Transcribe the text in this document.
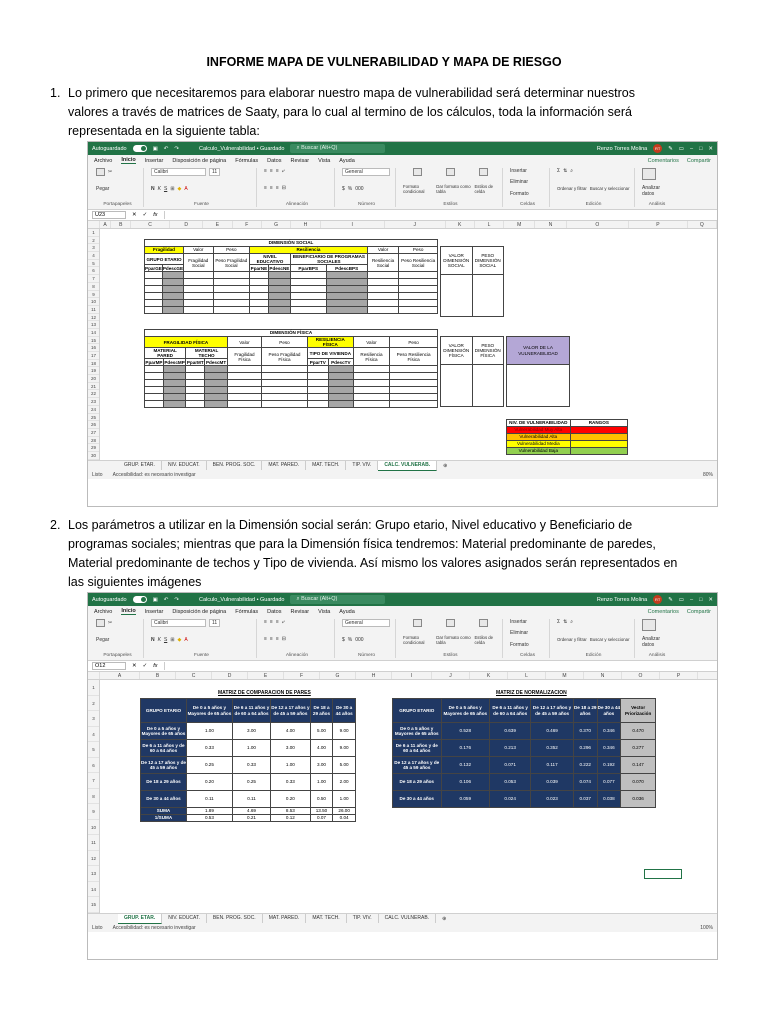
INFORME MAPA DE VULNERABILIDAD Y MAPA DE RIESGO
1. Lo primero que necesitaremos para elaborar nuestro mapa de vulnerabilidad será determinar nuestros
valores a través de matrices de Saaty, para lo cual al termino de los cálculos, toda la información será
representada en la siguiente tabla:
Autoguardado	▣ ↶ ↷	Calculo_Vulnerabilidad • Guardado	⌕ Buscar (Alt+Q)	Renzo Torres Molina	RT	✎ ▭ – □ ✕
Archivo Inicio Insertar Disposición de página Fórmulas Datos Revisar Vista Ayuda	Comentarios Compartir
✂
Pegar
Portapapeles
Calibri	11
N K S ⊞ ◆ A
Fuente
≡ ≡ ≡ ⤶
≡ ≡ ≡ ⊟
Alineación
General
$ % 000
Número
Formato condicional
Dar formato como tabla
Estilos de celda
Estilos
Insertar
Eliminar
Formato
Celdas
Σ ⇅ ⌕
Ordenar y filtrar Buscar y seleccionar
Edición
Analizar datos
Análisis
U23	✕ ✓ fx
A	B	C	D	E	F	G	H	I	J	K	L	M	N	O	P	Q
1
2
3
4
5
6
7
8
9
10
11
12
13
14
15
16
17
18
19
20
21
22
23
24
25
26
27
28
29
30
DIMENSIÓN SOCIAL									
Fragilidad		Valor	Peso	Resiliencia				Valor	Peso
GRUPO ETARIO		Fragilidad Social	Peso Fragilidad Social	NIVEL EDUCATIVO		BENEFICIARIO DE PROGRAMAS SOCIALES		Resiliencia Social	Peso Resiliencia Social
PparGE	PdescGE			PparNE	PdescNE	PparBPS	PdescBPS		

VALOR DIMENSIÓN SOCIAL	PESO DIMENSIÓN SOCIAL

DIMENSIÓN FÍSICA									
FRAGILIDAD FÍSICA				Valor	Peso	RESILIENCIA FÍSICA		Valor	Peso
MATERIAL PARED		MATERIAL TECHO		Fragilidad Física	Peso Fragilidad Física	TIPO DE VIVIENDA		Resiliencia Física	Peso Resiliencia Física
PparMP	PdescMP	PparMT	PdescMT			PparTV	PdescTV		

VALOR DIMENSIÓN FÍSICA	PESO DIMENSIÓN FÍSICA

VALOR DE LA VULNERABILIDAD

NIV. DE VULNERABILIDAD	RANGOS
Vulnerabilidad Muy Alta	
Vulnerabilidad Alta	
Vulnerabilidad Media	
Vulnerabilidad Baja	
GRUP. ETAR.	NIV. EDUCAT.	BEN. PROG. SOC.	MAT. PARED.	MAT. TECH.	TIP. VIV.	CALC. VULNERAB.	⊕
Listo Accesibilidad: es necesario investigar	80%
2. Los parámetros a utilizar en la Dimensión social serán: Grupo etario, Nivel educativo y Beneficiario de
programas sociales; mientras que para la Dimensión física tendremos: Material predominante de paredes,
Material predominante de techos y Tipo de vivienda. Así mismo los valores asignados serán representados en
las siguientes imágenes
Autoguardado	▣ ↶ ↷	Calculo_Vulnerabilidad • Guardado	⌕ Buscar (Alt+Q)	Renzo Torres Molina	RT	✎ ▭ – □ ✕
Archivo Inicio Insertar Disposición de página Fórmulas Datos Revisar Vista Ayuda	Comentarios Compartir
✂
Pegar
Portapapeles
Calibri	11
N K S ⊞ ◆ A
Fuente
≡ ≡ ≡ ⤶
≡ ≡ ≡ ⊟
Alineación
General
$ % 000
Número
Formato condicional
Dar formato como tabla
Estilos de celda
Estilos
Insertar
Eliminar
Formato
Celdas
Σ ⇅ ⌕
Ordenar y filtrar Buscar y seleccionar
Edición
Analizar datos
Análisis
O12	✕ ✓ fx
A	B	C	D	E	F	G	H	I	J	K	L	M	N	O	P
1
2
3
4
5
6
7
8
9
10
11
12
13
14
15
MATRIZ DE COMPARACION DE PARES
GRUPO ETARIO	De 0 a 5 años y Mayores de 65 años	De 6 a 11 años y de 60 a 64 años	De 12 a 17 años y de 45 a 59 años	De 18 a 29 años	De 30 a 44 años
De 0 a 5 años y Mayores de 65 años	1.00	3.00	4.00	5.00	9.00
De 6 a 11 años y de 60 a 64 años	0.33	1.00	3.00	4.00	9.00
De 12 a 17 años y de 45 a 59 años	0.25	0.33	1.00	3.00	5.00
De 18 a 29 años	0.20	0.25	0.33	1.00	2.00
De 30 a 44 años	0.11	0.11	0.20	0.50	1.00
SUMA	1.89	4.69	8.53	13.50	26.00
1/SUMA	0.53	0.21	0.12	0.07	0.04
MATRIZ DE NORMALIZACION
GRUPO ETARIO	De 0 a 5 años y Mayores de 65 años	De 6 a 11 años y de 60 a 64 años	De 12 a 17 años y de 45 a 59 años	De 18 a 29 años	De 30 a 44 años	Vector Priorización
De 0 a 5 años y Mayores de 65 años	0.528	0.639	0.469	0.370	0.346	0.470
De 6 a 11 años y de 60 a 64 años	0.176	0.213	0.352	0.296	0.346	0.277
De 12 a 17 años y de 45 a 59 años	0.132	0.071	0.117	0.222	0.192	0.147
De 18 a 29 años	0.106	0.053	0.039	0.074	0.077	0.070
De 30 a 44 años	0.059	0.024	0.023	0.037	0.038	0.036
GRUP. ETAR.	NIV. EDUCAT.	BEN. PROG. SOC.	MAT. PARED.	MAT. TECH.	TIP. VIV.	CALC. VULNERAB.	⊕
Listo Accesibilidad: es necesario investigar	100%
